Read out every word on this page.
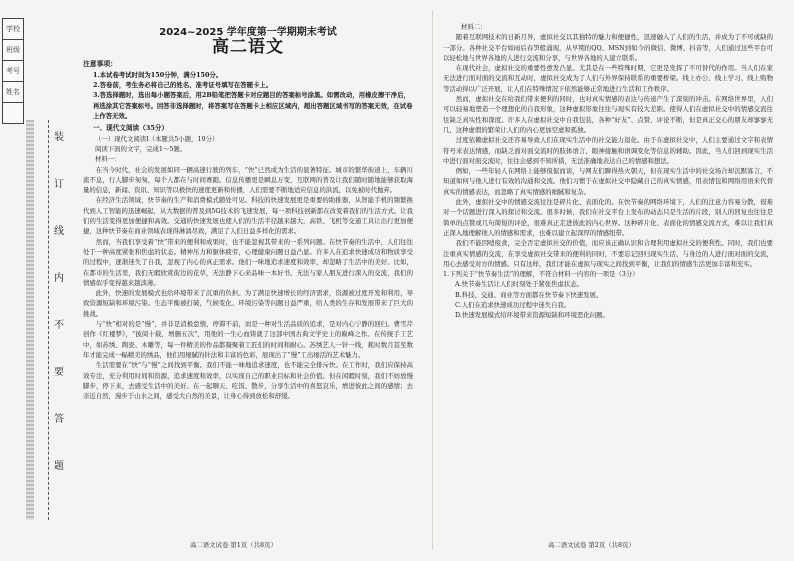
学校
班级
考号
姓名
装
订
线
内
不
要
答
题
2024~2025 学年度第一学期期末考试
高二语文
注意事项：

1.本试卷考试时间为150分钟，满分150分。

2.答卷前，考生务必将自己的姓名、准考证号填写在答题卡上。

3.答选择题时，选出每小题答案后，用2B铅笔把答题卡对应题目的答案标号涂黑。如需改动，用橡皮擦干净后，再选涂其它答案标号。回答非选择题时，将答案写在答题卡上相应区域内，超出答题区域书写的答案无效，在试卷上作答无效。

一、现代文阅读（35分）
（一）现代文阅读Ⅰ（本题共5小题，19分）
阅读下面的文字，完成1～5题。
材料一：

在当今时代，社会的发展如同一辆高速行驶的列车，“快”已然成为生活的显著特征。城市的繁华街道上，车辆川流不息，行人脚步匆匆，每个人都在与时间赛跑。信息传播更是瞬息万变，互联网的普及让我们随时随地能够获取海量的信息，新闻、资讯、知识等以极快的速度更新和传播，人们需要不断地适应信息的洪流，以免被时代抛弃。

在经济生活领域，快节奏的生产和消费模式随处可见。科技的快速发展更是重要的助推器，从智能手机的频繁换代到人工智能的迅速崛起，从大数据的普及到5G技术的飞速发展，每一项科技创新都在改变着我们的生活方式。让我们的生活变得更加便捷和高效。交通的快速发展也使人们的生活半径越来越大，高铁、飞机等交通工具让出行更加便捷，这种快节奏在商业领域表现得淋漓尽致，满足了人们日益多样化的需求。

然而，当我们享受着“快”带来的便利和成果时，也不能忽视其带来的一系列问题。在快节奏的生活中，人们往往处于一种高度紧张和焦虑的状态。精神压力和躯体疲劳，心理健康问题日益凸显。许多人在追求快速成功和物质享受的过程中，逐渐迷失了自我，忽视了内心的真正需求。他们一味地追求速度和效率，却忽略了生活中的美好。比如，在都市的生活里，我们无暇欣赏街边的花草，无法静下心来品味一本好书，无法与家人朋友进行深入的交流，我们的情感似乎变得越来越淡薄。

此外，快速的发展模式也给环境带来了沉重的负担。为了满足快速增长的经济需求，资源被过度开发和利用，导致资源短缺和环境污染。生态平衡被打破，气候变化、环境污染等问题日益严重，给人类的生存和发展带来了巨大的挑战。

与“快”相对的是“慢”，并非是消极怠惰、停滞不前，而是一种对生活品质的追求，是对内心宁静的回归。曹雪芹创作《红楼梦》，“披阅十载，增删五次”，用他的一生心血铸就了这部中国古典文学史上的巅峰之作。在传统手工艺中，如苏绣、陶瓷、木雕等，每一件精美的作品都凝聚着工匠们的时间和耐心。苏绣艺人一针一线，耗时数月甚至数年才能完成一幅精美的绣品，他们用细腻的针法和丰富的色彩，展现出了“慢”工出细活的艺术魅力。

生活需要在“快”与“慢”之间找到平衡。我们不能一味地追求速度，也不能完全排斥快。在工作时，我们应保持高效专注，充分利用时间和资源，追求速度和效率，以实现自己的职业目标和社会价值。但在闲暇时刻，我们不妨放慢脚步，停下来，去感受生活中的美好。在一起聊天、吃饭、散步，分享生活中的喜怒哀乐，增进彼此之间的感情；去亲近自然，漫步于山水之间，感受大自然的美景，让身心得到放松和舒缓。

高二语文试卷 第1页（共8页）
材料二：

随着互联网技术的日新月异，虚拟社交以其独特的魅力和便捷性，迅速融入了人们的生活，并成为了不可或缺的一部分。各种社交平台如雨后春笋般涌现，从早期的QQ、MSN到如今的微信、微博、抖音等，人们通过这些平台可以轻松地与世界各地的人进行交流和分享，与世界各地的人建立联系。

在现代社会，虚拟社交的重要性愈发凸显。尤其是在一些特殊时期，它更是发挥了不可替代的作用。当人们在家无法进行面对面的交流和互动时，虚拟社交成为了人们与外界保持联系的重要桥梁。线上办公、线上学习、线上购物等活动得以广泛开展，让人们在特殊情况下依然能够正常地进行生活和工作秩序。

然而，虚拟社交在给我们带来便利的同时，也对真实情感的表达与传递产生了深刻的冲击。在网络世界里，人们可以轻易地塑造一个理想化的自我形象，这种虚拟形象往往与现实有较大差距。使得人们在虚拟社交中的情感交流往往缺乏真实性和深度。许多人在虚拟社交中自我包装，各种“好友”、点赞、评论不断，但是真正交心的朋友却寥寥无几，这种虚假的繁荣让人们的内心更加空虚和孤独。

过度依赖虚拟社交还容易导致人们在现实生活中的社交能力退化。由于在虚拟社交中，人们主要通过文字和表情符号来表达情感，而缺乏面对面交流时的肢体语言、眼神接触和语调变化等信息的辅助。因此，当人们回到现实生活中进行面对面交流时，往往会感到不知所措，无法准确地表达自己的情感和想法。

例如，一些年轻人在网络上能够侃侃而谈，与网友们聊得热火朝天，但在现实生活中的社交场合却沉默寡言，不知道如何与他人进行有效的沟通和交流。他们习惯于在虚拟社交中隐藏自己的真实情感，用表情包和网络用语来代替真实的情感表达，而忽略了真实情感的细腻和复杂。

此外，虚拟社交中的情感交流往往是碎片化、表面化的。在快节奏的网络环境下，人们的注意力容易分散，很难对一个话题进行深入的探讨和交流。很多时候，我们在社交平台上发布的动态只是生活的片段，别人的回复也往往是简单的点赞或几句简短的评论，很难真正走进彼此的内心世界。这种碎片化、表面化的情感交流方式，难以让我们真正深入地理解他人的情感和需求，也难以建立起深厚的情感纽带。

我们不能因噎废食，完全否定虚拟社交的价值，而应该正确认识和合理利用虚拟社交的便利性。同时，我们也要注重真实情感的交流，在享受虚拟社交带来的便利的同时，不要忘记回归现实生活，与身边的人进行面对面的交流，用心去感受对方的情感。只有这样，我们才能在虚拟与现实之间找到平衡，让我们的情感生活更加丰富和充实。

1.下列关于“快节奏生活”的理解，不符合材料一内容的一项是（3分）
A.快节奏生活让人们时刻处于紧张焦虑状态。
B.科技、交通、商业等方面都在快节奏下快速发展。
C.人们在追求快速成功过程中迷失自我。
D.快速发展模式给环境带来资源短缺和环境恶化问题。
高二语文试卷 第2页（共8页）
